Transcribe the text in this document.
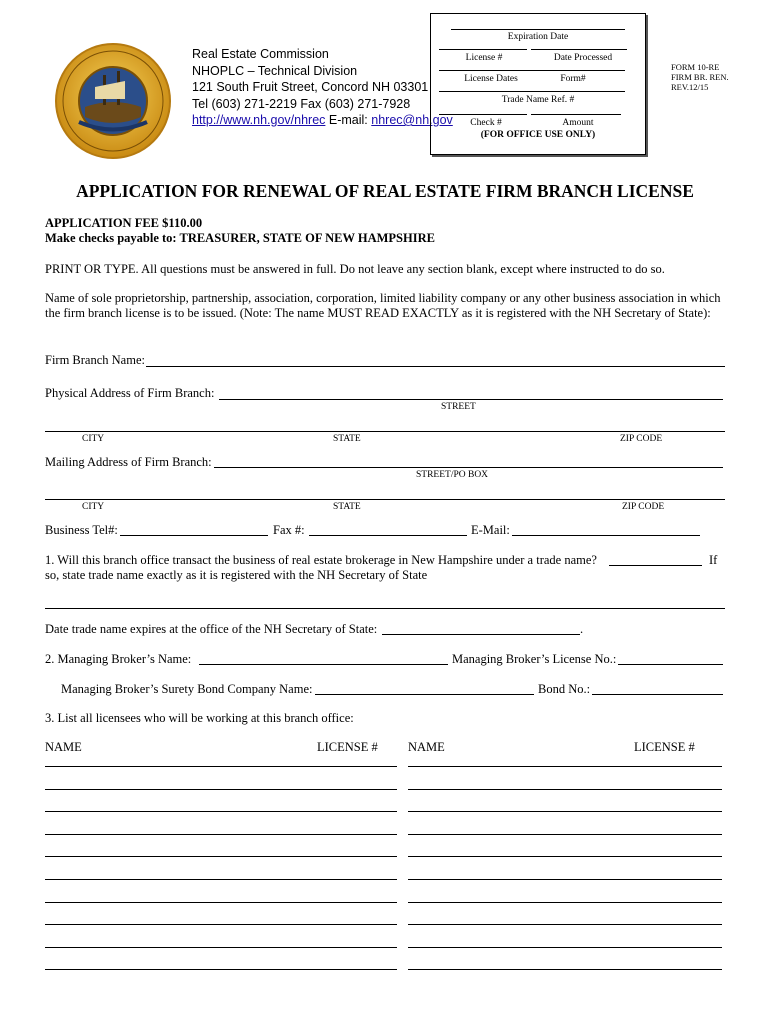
Real Estate Commission
NHOPLC – Technical Division
121 South Fruit Street, Concord NH 03301
Tel (603) 271-2219 Fax (603) 271-7928
http://www.nh.gov/nhrec E-mail: nhrec@nh.gov
Expiration Date
License #	Date Processed
License Dates	Form#
Trade Name Ref. #
Check #	Amount
(FOR OFFICE USE ONLY)
FORM 10-RE
FIRM BR. REN.
REV.12/15
APPLICATION FOR RENEWAL OF REAL ESTATE FIRM BRANCH LICENSE
APPLICATION FEE $110.00
Make checks payable to: TREASURER, STATE OF NEW HAMPSHIRE
PRINT OR TYPE. All questions must be answered in full. Do not leave any section blank, except where instructed to do so.
Name of sole proprietorship, partnership, association, corporation, limited liability company or any other business association in which the firm branch license is to be issued. (Note: The name MUST READ EXACTLY as it is registered with the NH Secretary of State):
Firm Branch Name:
Physical Address of Firm Branch:
STREET
CITY	STATE	ZIP CODE
Mailing Address of Firm Branch:
STREET/PO BOX
CITY	STATE	ZIP CODE
Business Tel#:	Fax #:	E-Mail:
1. Will this branch office transact the business of real estate brokerage in New Hampshire under a trade name?	If
so, state trade name exactly as it is registered with the NH Secretary of State
Date trade name expires at the office of the NH Secretary of State:	.
2. Managing Broker’s Name:	Managing Broker’s License No.:
Managing Broker’s Surety Bond Company Name:	Bond No.:
3. List all licensees who will be working at this branch office:
NAME	LICENSE # NAME	LICENSE #
